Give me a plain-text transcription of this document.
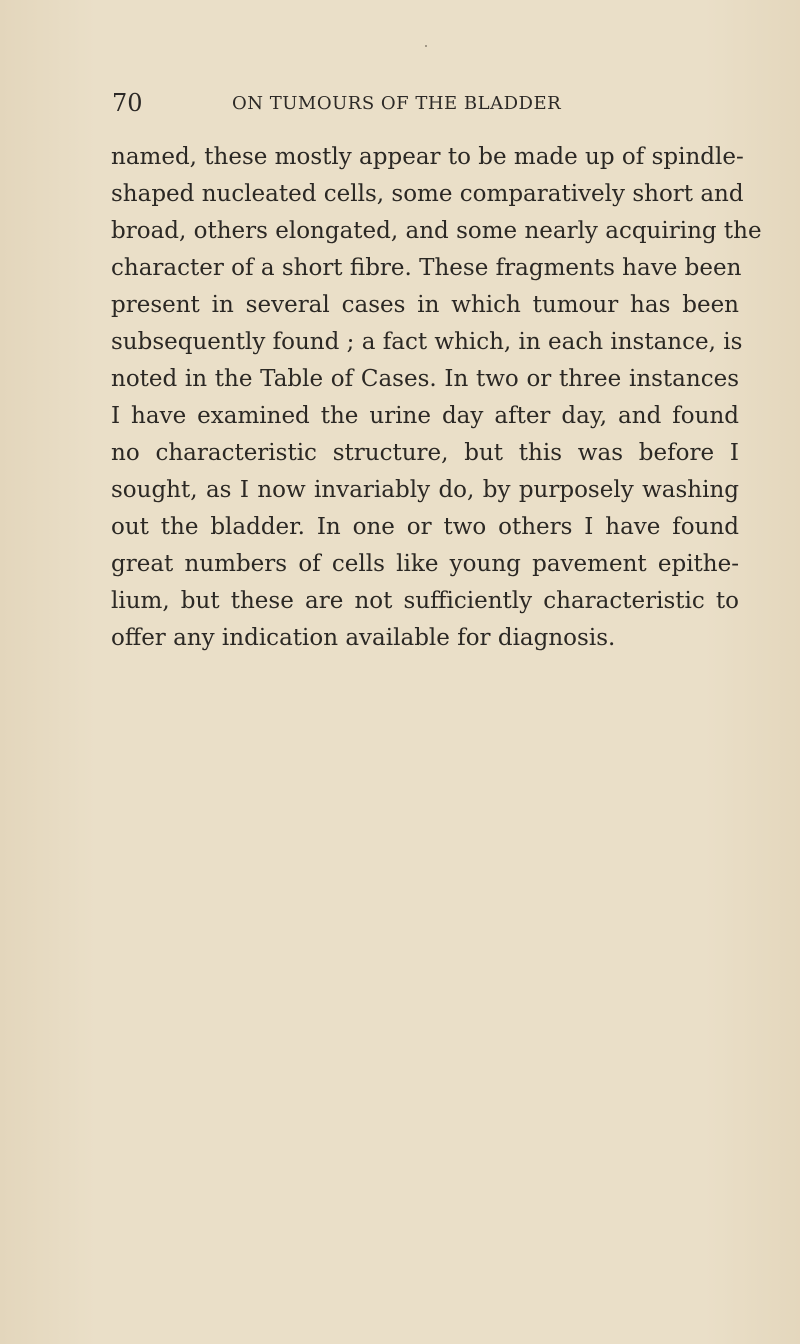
70	ON TUMOURS OF THE BLADDER
named, these mostly appear to be made up of spindle-
shaped nucleated cells, some comparatively short and
broad, others elongated, and some nearly acquiring the
character of a short fibre. These fragments have been
present in several cases in which tumour has been
subsequently found ; a fact which, in each instance, is
noted in the Table of Cases. In two or three instances
I have examined the urine day after day, and found
no characteristic structure, but this was before I
sought, as I now invariably do, by purposely washing
out the bladder. In one or two others I have found
great numbers of cells like young pavement epithe-
lium, but these are not sufficiently characteristic to
offer any indication available for diagnosis.
